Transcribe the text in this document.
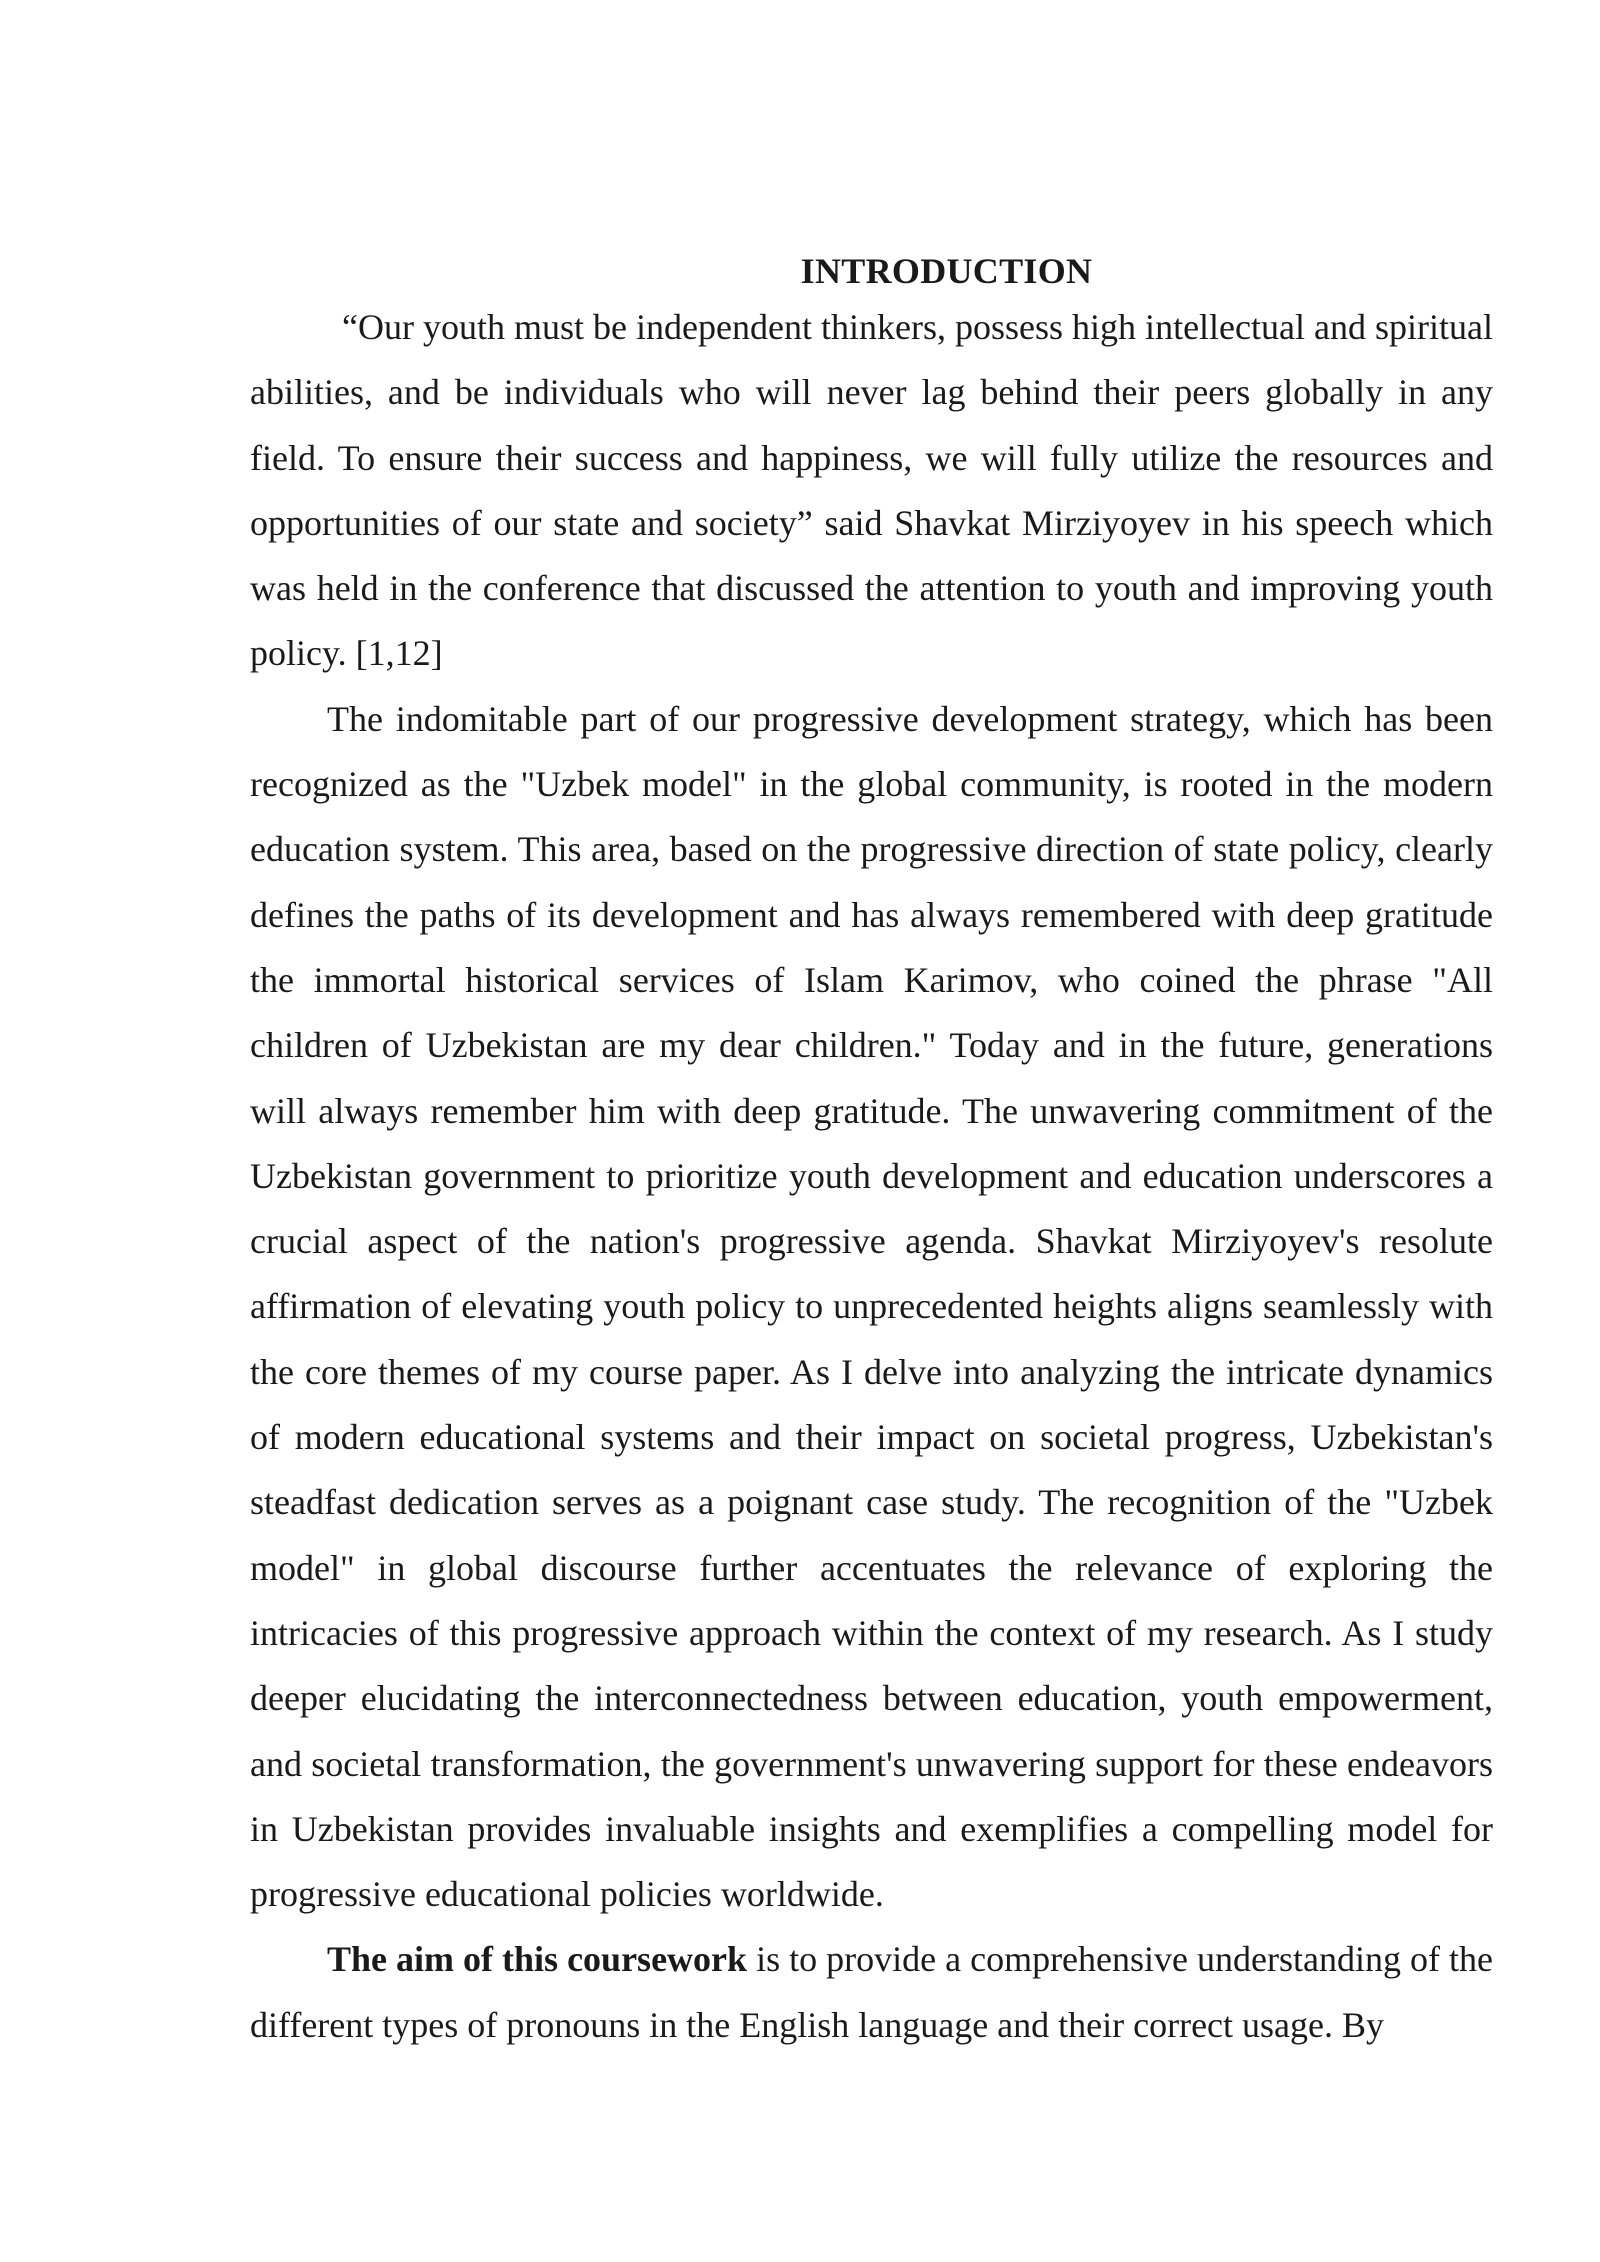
INTRODUCTION

“Our youth must be independent thinkers, possess high intellectual and spiritual abilities, and be individuals who will never lag behind their peers globally in any field. To ensure their success and happiness, we will fully utilize the resources and opportunities of our state and society” said Shavkat Mirziyoyev in his speech which was held in the conference that discussed the attention to youth and improving youth policy. [1,12]

The indomitable part of our progressive development strategy, which has been recognized as the "Uzbek model" in the global community, is rooted in the modern education system. This area, based on the progressive direction of state policy, clearly defines the paths of its development and has always remembered with deep gratitude the immortal historical services of Islam Karimov, who coined the phrase "All children of Uzbekistan are my dear children." Today and in the future, generations will always remember him with deep gratitude. The unwavering commitment of the Uzbekistan government to prioritize youth development and education underscores a crucial aspect of the nation's progressive agenda. Shavkat Mirziyoyev's resolute affirmation of elevating youth policy to unprecedented heights aligns seamlessly with the core themes of my course paper. As I delve into analyzing the intricate dynamics of modern educational systems and their impact on societal progress, Uzbekistan's steadfast dedication serves as a poignant case study. The recognition of the "Uzbek model" in global discourse further accentuates the relevance of exploring the intricacies of this progressive approach within the context of my research. As I study deeper elucidating the interconnectedness between education, youth empowerment, and societal transformation, the government's unwavering support for these endeavors in Uzbekistan provides invaluable insights and exemplifies a compelling model for progressive educational policies worldwide.

The aim of this coursework is to provide a comprehensive understanding of the different types of pronouns in the English language and their correct usage. By
